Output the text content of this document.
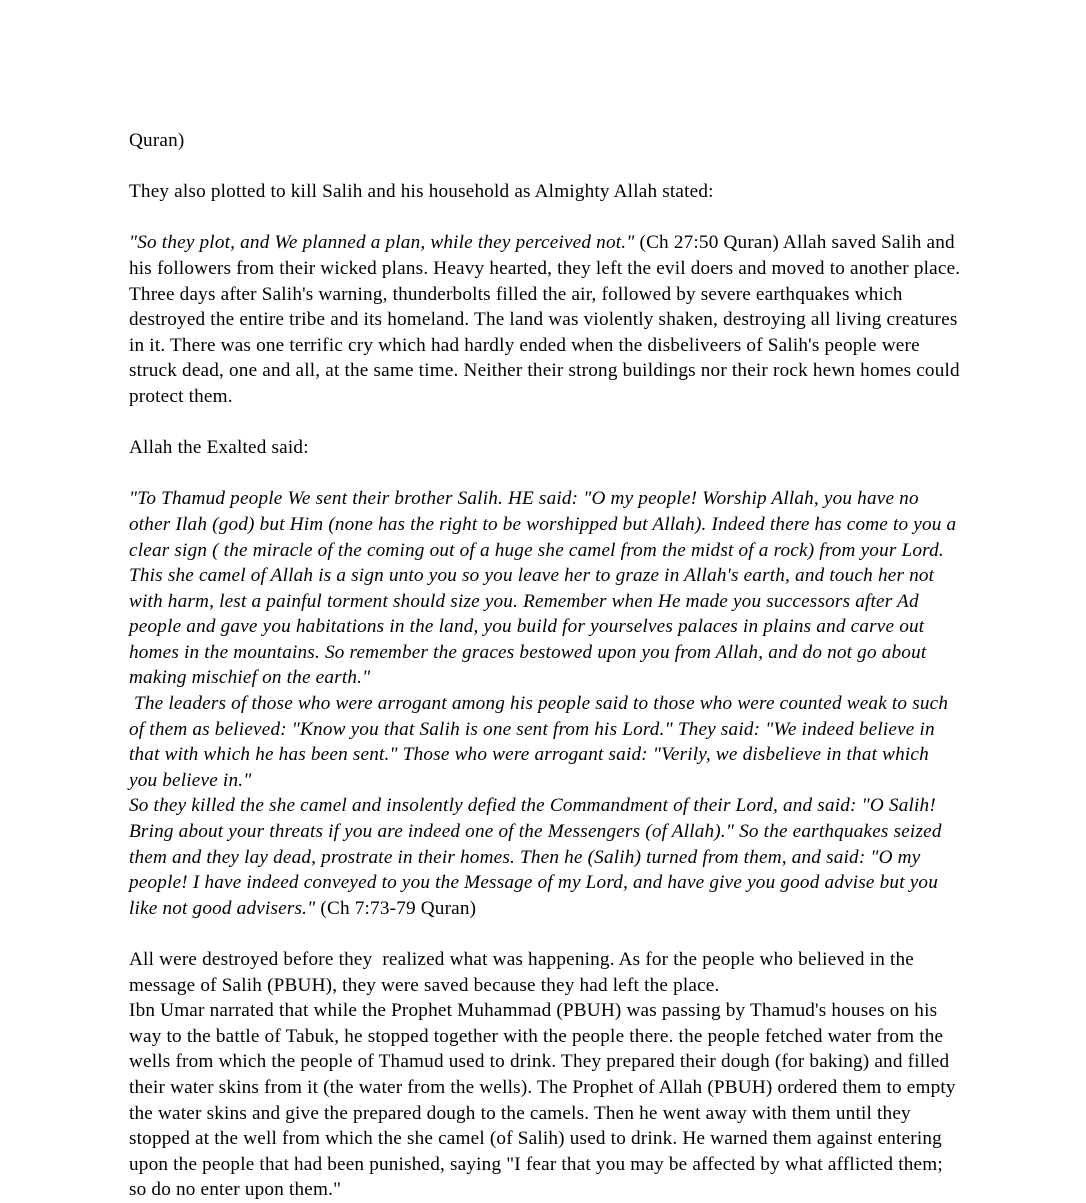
Quran)

They also plotted to kill Salih and his household as Almighty Allah stated:

"So they plot, and We planned a plan, while they perceived not." (Ch 27:50 Quran) Allah saved Salih and his followers from their wicked plans. Heavy hearted, they left the evil doers and moved to another place. Three days after Salih's warning, thunderbolts filled the air, followed by severe earthquakes which destroyed the entire tribe and its homeland. The land was violently shaken, destroying all living creatures in it. There was one terrific cry which had hardly ended when the disbeliveers of Salih's people were struck dead, one and all, at the same time. Neither their strong buildings nor their rock hewn homes could protect them.

Allah the Exalted said:

"To Thamud people We sent their brother Salih. HE said: "O my people! Worship Allah, you have no other Ilah (god) but Him (none has the right to be worshipped but Allah). Indeed there has come to you a clear sign ( the miracle of the coming out of a huge she camel from the midst of a rock) from your Lord. This she camel of Allah is a sign unto you so you leave her to graze in Allah's earth, and touch her not with harm, lest a painful torment should size you. Remember when He made you successors after Ad people and gave you habitations in the land, you build for yourselves palaces in plains and carve out homes in the mountains. So remember the graces bestowed upon you from Allah, and do not go about making mischief on the earth."

The leaders of those who were arrogant among his people said to those who were counted weak to such of them as believed: "Know you that Salih is one sent from his Lord." They said: "We indeed believe in that with which he has been sent." Those who were arrogant said: "Verily, we disbelieve in that which you believe in."

So they killed the she camel and insolently defied the Commandment of their Lord, and said: "O Salih! Bring about your threats if you are indeed one of the Messengers (of Allah)." So the earthquakes seized them and they lay dead, prostrate in their homes. Then he (Salih) turned from them, and said: "O my people! I have indeed conveyed to you the Message of my Lord, and have give you good advise but you like not good advisers." (Ch 7:73-79 Quran)

All were destroyed before they  realized what was happening. As for the people who believed in the message of Salih (PBUH), they were saved because they had left the place.

Ibn Umar narrated that while the Prophet Muhammad (PBUH) was passing by Thamud's houses on his way to the battle of Tabuk, he stopped together with the people there. the people fetched water from the wells from which the people of Thamud used to drink. They prepared their dough (for baking) and filled their water skins from it (the water from the wells). The Prophet of Allah (PBUH) ordered them to empty the water skins and give the prepared dough to the camels. Then he went away with them until they stopped at the well from which the she camel (of Salih) used to drink. He warned them against entering upon the people that had been punished, saying "I fear that you may be affected by what afflicted them; so do no enter upon them."
